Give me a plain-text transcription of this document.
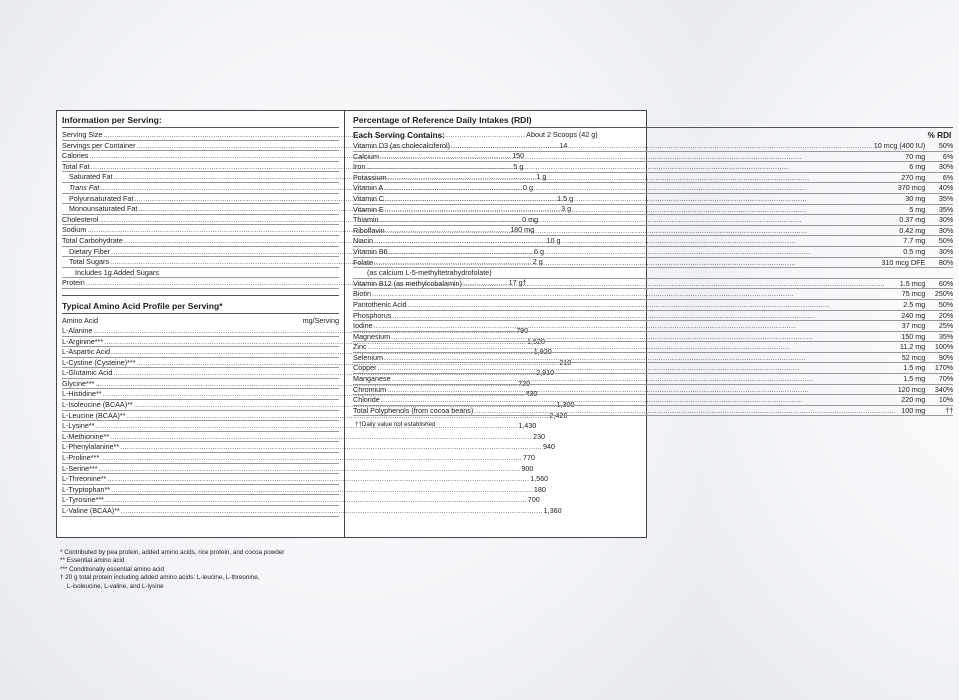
Information per Serving:
Serving Size .....	About 2 Scoops (42 g)
Servings per Container .....	14
Calories .....	150
Total Fat .....	5 g
Saturated Fat .....	1 g
Trans Fat .....	0 g
Polyunsaturated Fat .....	1.5 g
Monounsaturated Fat .....	3 g
Cholesterol .....	0 mg
Sodium .....	180 mg
Total Carbohydrate .....	10 g
Dietary Fiber .....	6 g
Total Sugars .....	2 g
Includes 1g Added Sugars
Protein .....	17 g†
Typical Amino Acid Profile per Serving*
Amino Acid	mg/Serving
L-Alanine .....	790
L-Arginine*** .....	1,520
L-Aspartic Acid .....	1,920
L-Cystine (Cysteine)*** .....	210
L-Glutamic Acid .....	2,910
Glycine*** .....	720
L-Histidine** .....	430
L-Isoleucine (BCAA)** .....	1,300
L-Leucine (BCAA)** .....	2,420
L-Lysine** .....	1,430
L-Methionine** .....	230
L-Phenylalanine** .....	940
L-Proline*** .....	770
L-Serine*** .....	900
L-Threonine** .....	1,560
L-Tryptophan** .....	180
L-Tyrosine*** .....	700
L-Valine (BCAA)** .....	1,360
Percentage of Reference Daily Intakes (RDI)
Each Serving Contains:	% RDI
Vitamin D3 (as cholecalciferol) .....	10 mcg (400 IU)	50%
Calcium .....	70 mg	6%
Iron .....	6 mg	30%
Potassium .....	270 mg	6%
Vitamin A .....	370 mcg	40%
Vitamin C .....	30 mg	35%
Vitamin E .....	5 mg	35%
Thiamin .....	0.37 mg	30%
Riboflavin .....	0.42 mg	30%
Niacin .....	7.7 mg	50%
Vitamin B6 .....	0.5 mg	30%
Folate .....	310 mcg DFE	80%
(as calcium L-5-methyltetrahydrofolate)
Vitamin B12 (as methylcobalamin) .....	1.5 mcg	60%
Biotin .....	75 mcg	250%
Pantothenic Acid .....	2.5 mg	50%
Phosphorus .....	240 mg	20%
Iodine .....	37 mcg	25%
Magnesium .....	150 mg	35%
Zinc .....	11.2 mg	100%
Selenium .....	52 mcg	90%
Copper .....	1.5 mg	170%
Manganese .....	1.5 mg	70%
Chromium .....	120 mcg	340%
Chloride .....	220 mg	10%
Total Polyphenols (from cocoa beans) .....	100 mg	††
††Daily value not established
* Contributed by pea protein, added amino acids, rice protein, and cocoa powder
** Essential amino acid
*** Conditionally essential amino acid
† 20 g total protein including added amino acids: L-leucine, L-threonine,
L-isoleucine, L-valine, and L-lysine
